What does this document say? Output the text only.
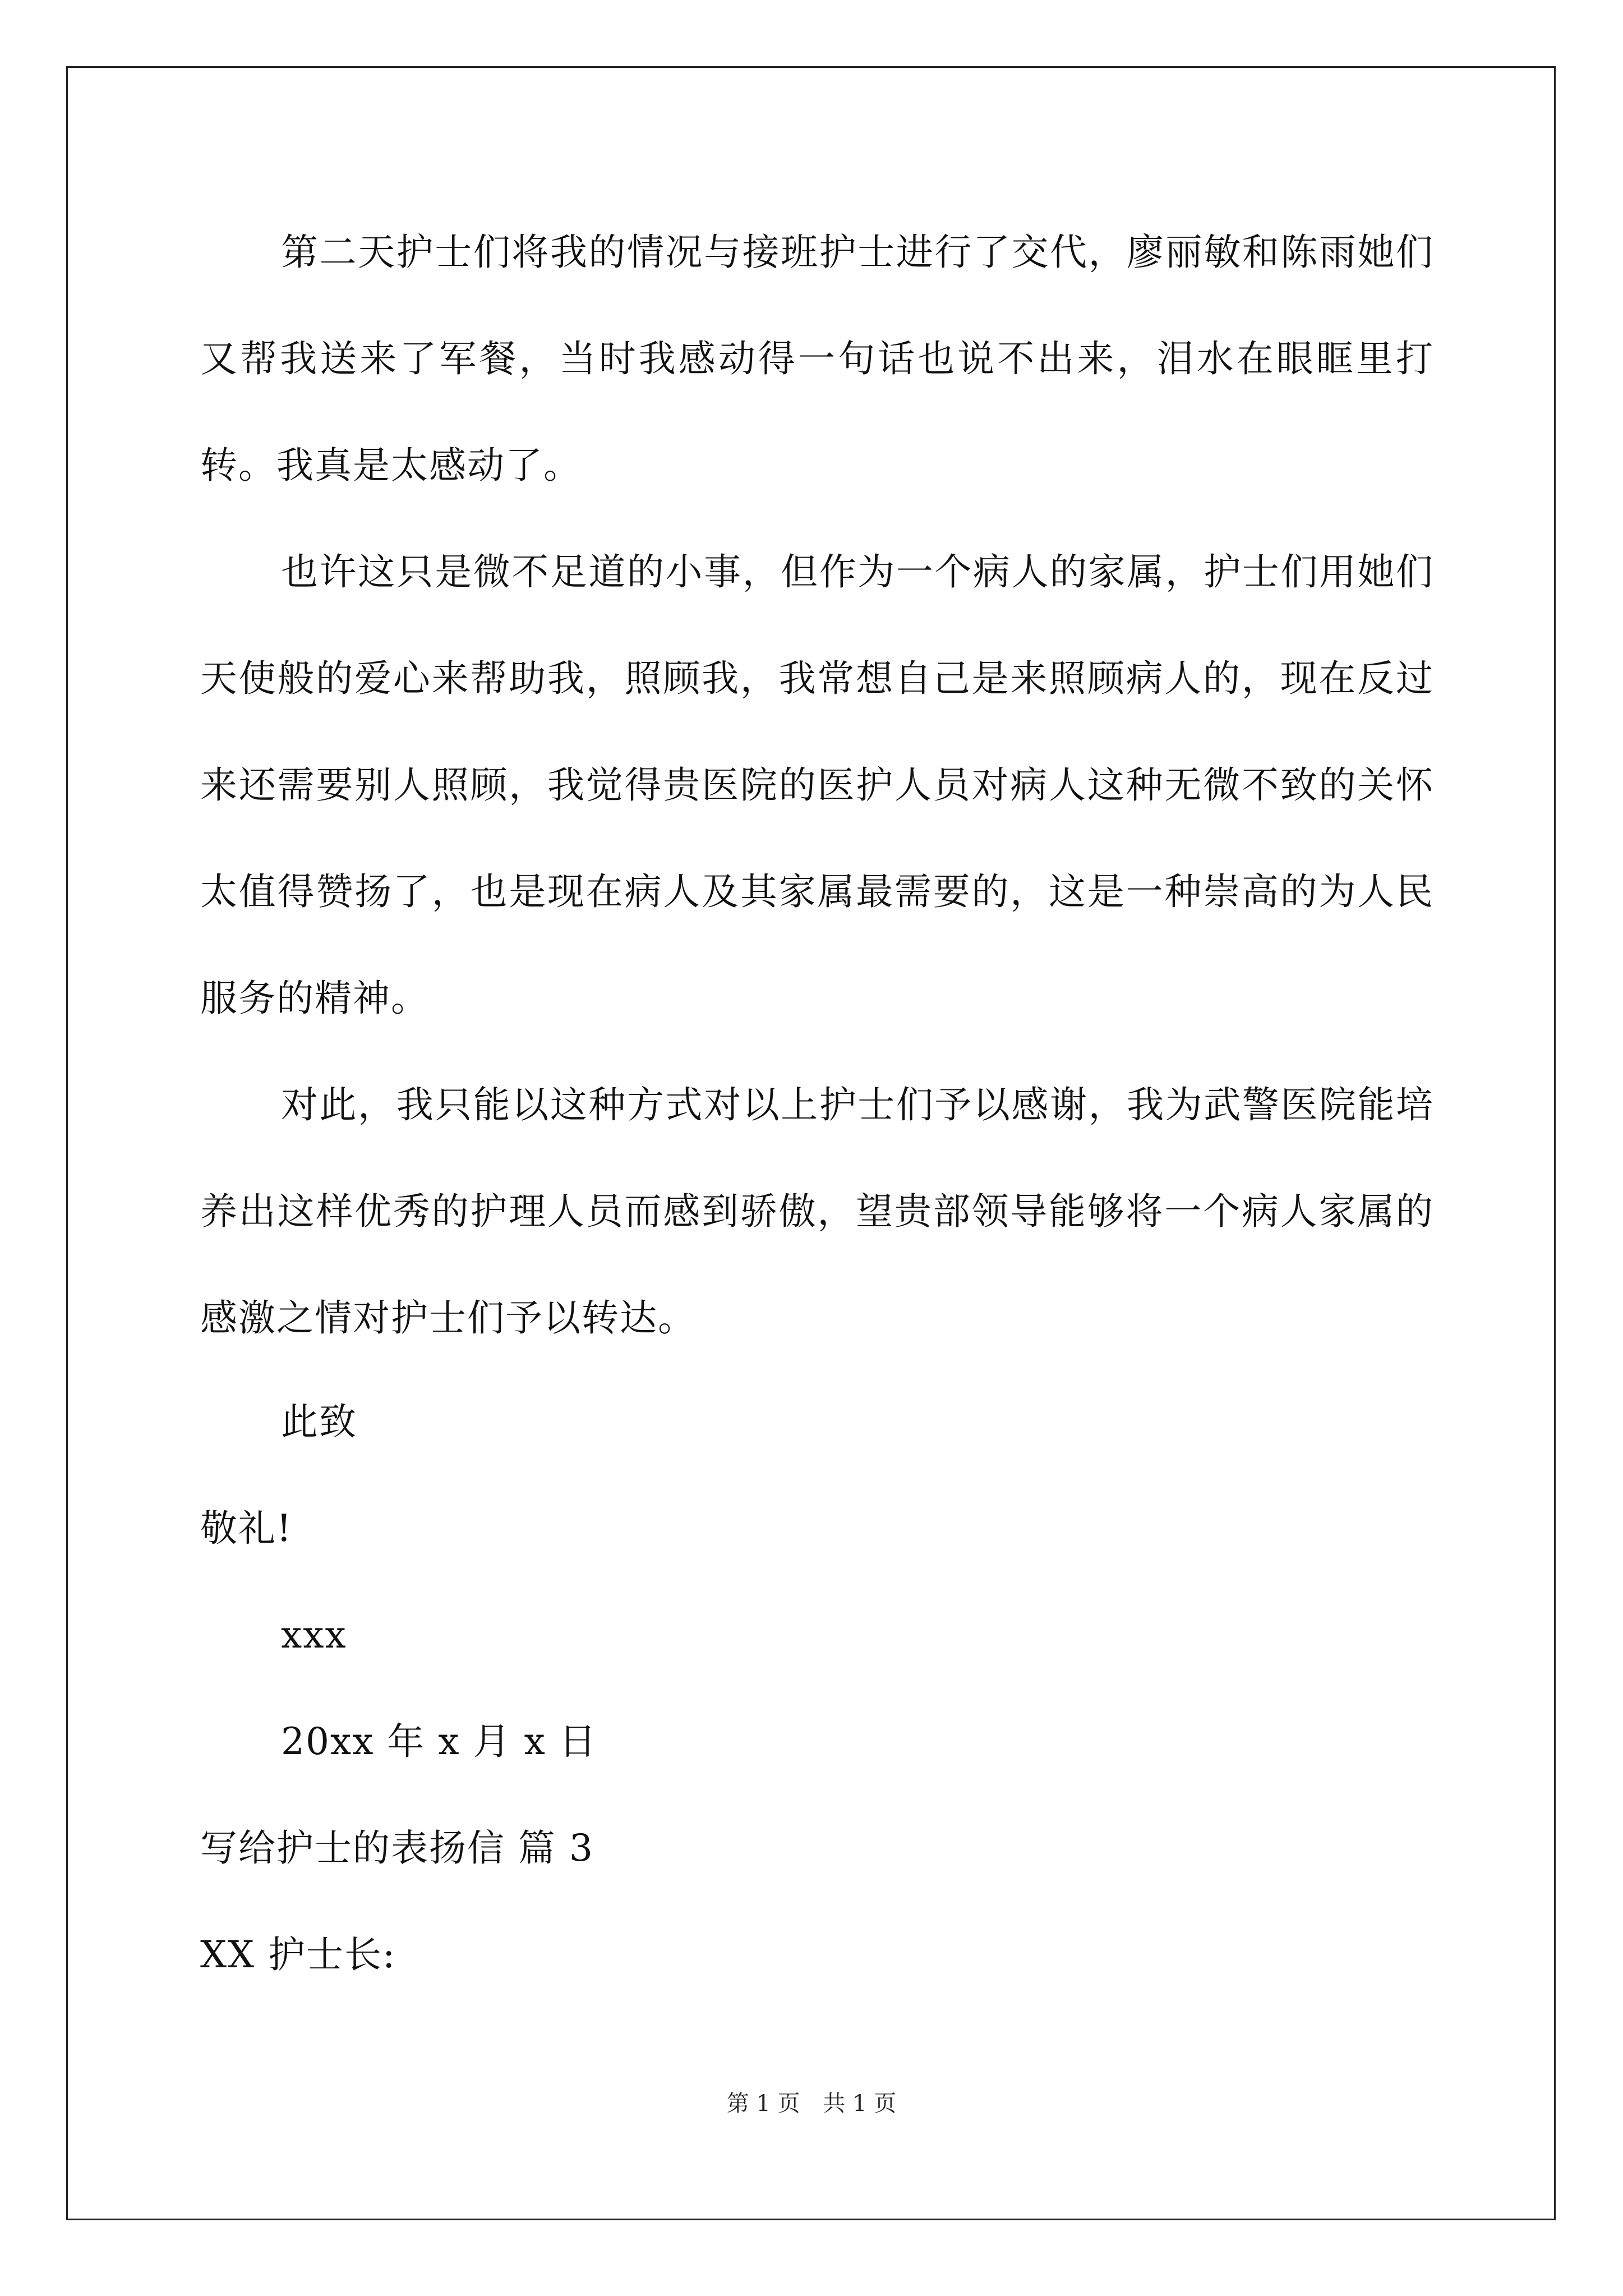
第二天护士们将我的情况与接班护士进行了交代，廖丽敏和陈雨她们又帮我送来了军餐，当时我感动得一句话也说不出来，泪水在眼眶里打转。我真是太感动了。

也许这只是微不足道的小事，但作为一个病人的家属，护士们用她们天使般的爱心来帮助我，照顾我，我常想自己是来照顾病人的，现在反过来还需要别人照顾，我觉得贵医院的医护人员对病人这种无微不致的关怀太值得赞扬了，也是现在病人及其家属最需要的，这是一种崇高的为人民服务的精神。

对此，我只能以这种方式对以上护士们予以感谢，我为武警医院能培养出这样优秀的护理人员而感到骄傲，望贵部领导能够将一个病人家属的感激之情对护士们予以转达。

此致

敬礼!

xxx

20xx 年 x 月 x 日

写给护士的表扬信 篇 3

XX 护士长:

第 1 页 共 1 页
